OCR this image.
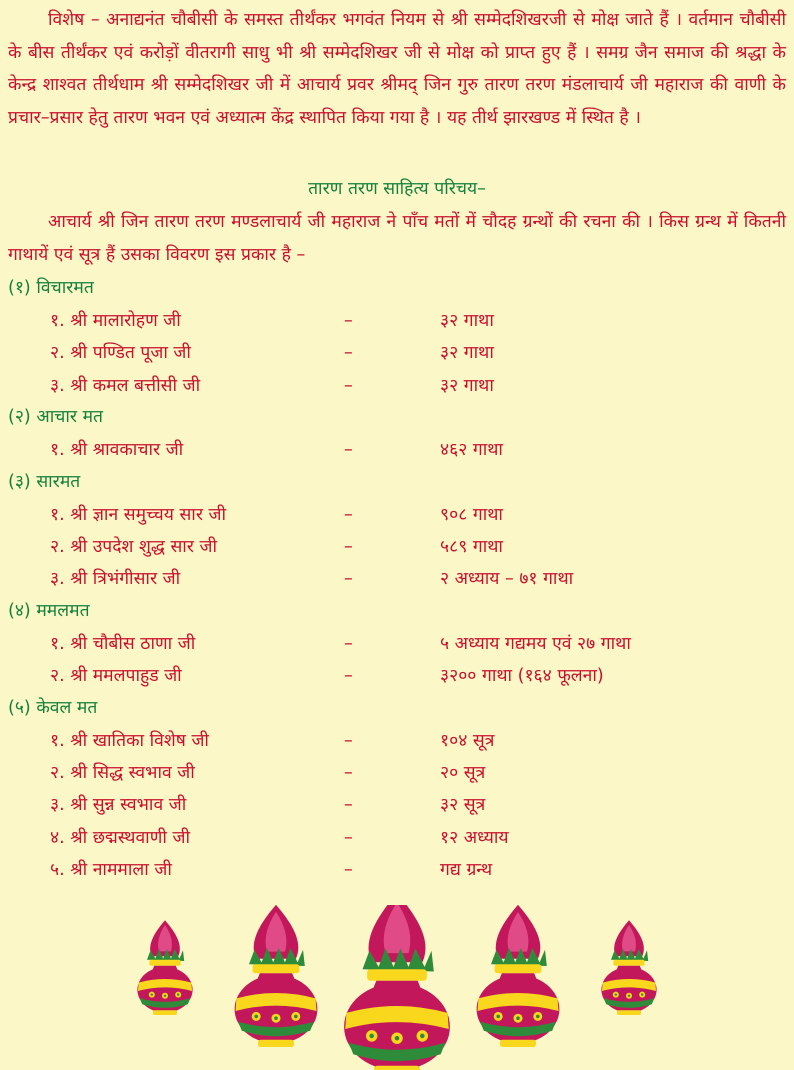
विशेष – अनाद्यनंत चौबीसी के समस्त तीर्थंकर भगवंत नियम से श्री सम्मेदशिखरजी से मोक्ष जाते हैं । वर्तमान चौबीसी के बीस तीर्थंकर एवं करोड़ों वीतरागी साधु भी श्री सम्मेदशिखर जी से मोक्ष को प्राप्त हुए हैं । समग्र जैन समाज की श्रद्धा के केन्द्र शाश्वत तीर्थधाम श्री सम्मेदशिखर जी में आचार्य प्रवर श्रीमद् जिन गुरु तारण तरण मंडलाचार्य जी महाराज की वाणी के प्रचार–प्रसार हेतु तारण भवन एवं अध्यात्म केंद्र स्थापित किया गया है । यह तीर्थ झारखण्ड में स्थित है ।

तारण तरण साहित्य परिचय–

आचार्य श्री जिन तारण तरण मण्डलाचार्य जी महाराज ने पाँच मतों में चौदह ग्रन्थों की रचना की । किस ग्रन्थ में कितनी गाथायें एवं सूत्र हैं उसका विवरण इस प्रकार है –

(१) विचारमत
१. श्री मालारोहण जी	–	३२ गाथा
२. श्री पण्डित पूजा जी	–	३२ गाथा
३. श्री कमल बत्तीसी जी	–	३२ गाथा
(२) आचार मत
१. श्री श्रावकाचार जी	–	४६२ गाथा
(३) सारमत
१. श्री ज्ञान समुच्चय सार जी	–	९०८ गाथा
२. श्री उपदेश शुद्ध सार जी	–	५८९ गाथा
३. श्री त्रिभंगीसार जी	–	२ अध्याय – ७१ गाथा
(४) ममलमत
१. श्री चौबीस ठाणा जी	–	५ अध्याय गद्यमय एवं २७ गाथा
२. श्री ममलपाहुड जी	–	३२०० गाथा (१६४ फूलना)
(५) केवल मत
१. श्री खातिका विशेष जी	–	१०४ सूत्र
२. श्री सिद्ध स्वभाव जी	–	२० सूत्र
३. श्री सुन्न स्वभाव जी	–	३२ सूत्र
४. श्री छद्मस्थवाणी जी	–	१२ अध्याय
५. श्री नाममाला जी	–	गद्य ग्रन्थ
